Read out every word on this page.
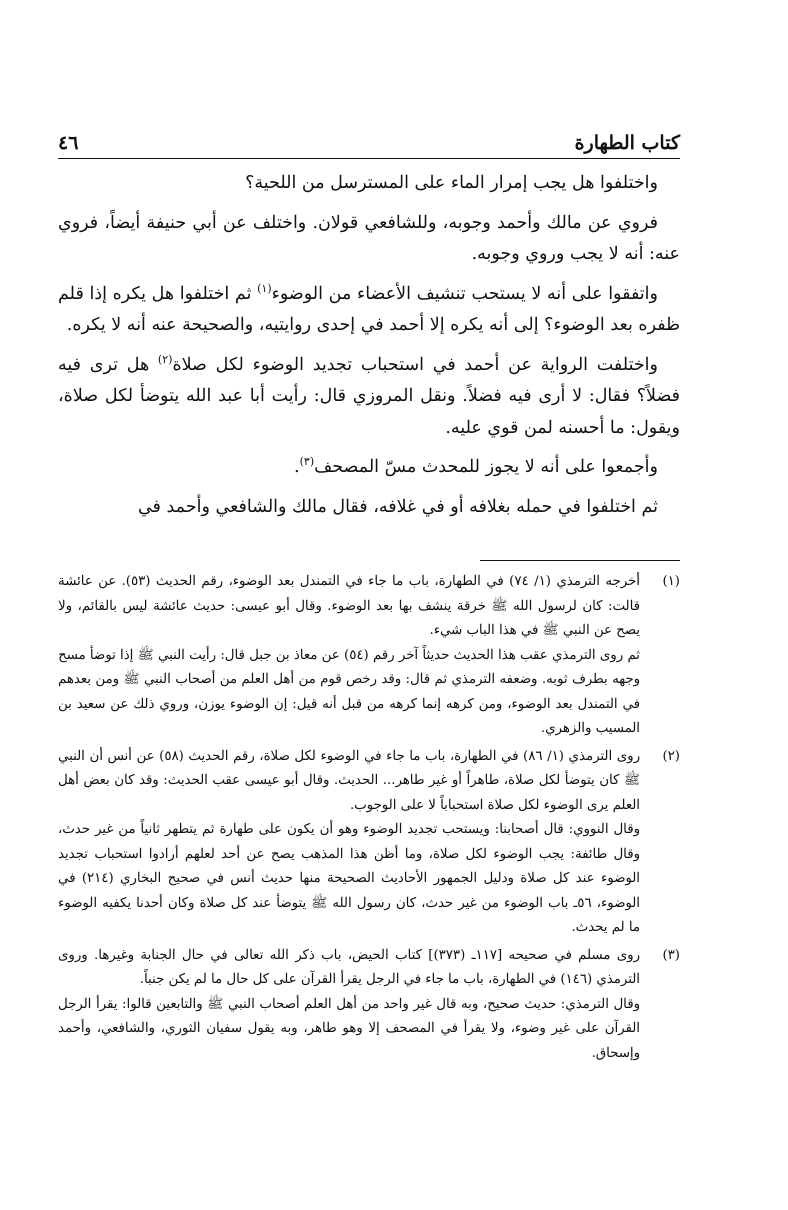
كتاب الطهارة
٤٦

واختلفوا هل يجب إمرار الماء على المسترسل من اللحية؟

فروي عن مالك وأحمد وجوبه، وللشافعي قولان. واختلف عن أبي حنيفة أيضاً، فروي عنه: أنه لا يجب وروي وجوبه.

واتفقوا على أنه لا يستحب تنشيف الأعضاء من الوضوء$^{(١)}$ ثم اختلفوا هل يكره إذا قلم ظفره بعد الوضوء؟ إلى أنه يكره إلا أحمد في إحدى روايتيه، والصحيحة عنه أنه لا يكره.

واختلفت الرواية عن أحمد في استحباب تجديد الوضوء لكل صلاة$^{(٢)}$ هل ترى فيه فضلاً؟ فقال: لا أرى فيه فضلاً. ونقل المروزي قال: رأيت أبا عبد الله يتوضأ لكل صلاة، ويقول: ما أحسنه لمن قوي عليه.

وأجمعوا على أنه لا يجوز للمحدث مسّ المصحف$^{(٣)}$.

ثم اختلفوا في حمله بغلافه أو في غلافه، فقال مالك والشافعي وأحمد في

(١)

أخرجه الترمذي (١/ ٧٤) في الطهارة، باب ما جاء في التمندل بعد الوضوء، رقم الحديث (٥٣). عن عائشة قالت: كان لرسول الله ﷺ خرقة ينشف بها بعد الوضوء. وقال أبو عيسى: حديث عائشة ليس بالقائم، ولا يصح عن النبي ﷺ في هذا الباب شيء.

ثم روى الترمذي عقب هذا الحديث حديثاً آخر رقم (٥٤) عن معاذ بن جبل قال: رأيت النبي ﷺ إذا توضأ مسح وجهه بطرف ثوبه. وضعفه الترمذي ثم قال: وقد رخص قوم من أهل العلم من أصحاب النبي ﷺ ومن بعدهم في التمندل بعد الوضوء، ومن كرهه إنما كرهه من قبل أنه قيل: إن الوضوء يوزن، وروي ذلك عن سعيد بن المسيب والزهري.

(٢)

روى الترمذي (١/ ٨٦) في الطهارة، باب ما جاء في الوضوء لكل صلاة، رقم الحديث (٥٨) عن أنس أن النبي ﷺ كان يتوضأ لكل صلاة، طاهراً أو غير طاهر... الحديث. وقال أبو عيسى عقب الحديث: وقد كان بعض أهل العلم يرى الوضوء لكل صلاة استحباباً لا على الوجوب.

وقال النووي: قال أصحابنا: ويستحب تجديد الوضوء وهو أن يكون على طهارة ثم يتطهر ثانياً من غير حدث، وقال طائفة: يجب الوضوء لكل صلاة، وما أظن هذا المذهب يصح عن أحد لعلهم أرادوا استحباب تجديد الوضوء عند كل صلاة ودليل الجمهور الأحاديث الصحيحة منها حديث أنس في صحيح البخاري (٢١٤) في الوضوء، ٥٦ـ باب الوضوء من غير حدث، كان رسول الله ﷺ يتوضأ عند كل صلاة وكان أحدنا يكفيه الوضوء ما لم يحدث.

(٣)

روى مسلم في صحيحه [١١٧ـ (٣٧٣)] كتاب الحيض، باب ذكر الله تعالى في حال الجنابة وغيرها. وروى الترمذي (١٤٦) في الطهارة، باب ما جاء في الرجل يقرأ القرآن على كل حال ما لم يكن جنباً.

وقال الترمذي: حديث صحيح، وبه قال غير واحد من أهل العلم أصحاب النبي ﷺ والتابعين قالوا: يقرأ الرجل القرآن على غير وضوء، ولا يقرأ في المصحف إلا وهو طاهر، وبه يقول سفيان الثوري، والشافعي، وأحمد وإسحاق.
